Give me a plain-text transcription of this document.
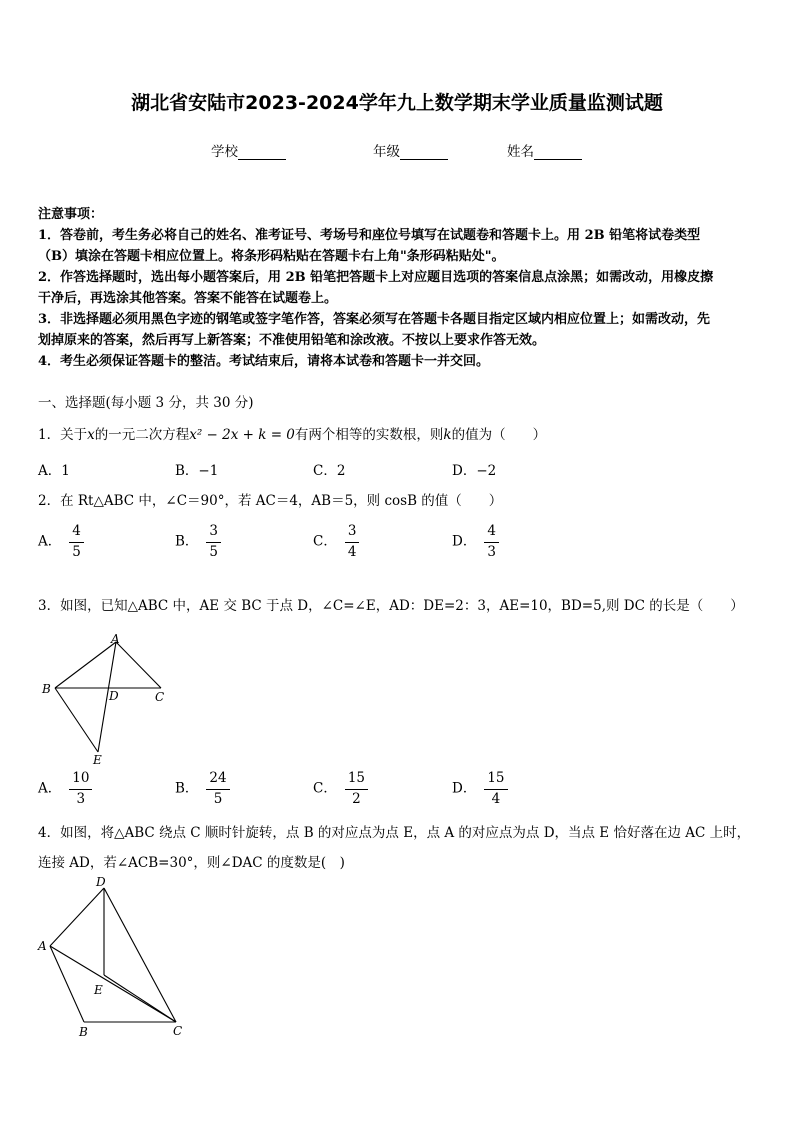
湖北省安陆市2023-2024学年九上数学期末学业质量监测试题
学校	年级	姓名
注意事项：
1．答卷前，考生务必将自己的姓名、准考证号、考场号和座位号填写在试题卷和答题卡上。用 2B 铅笔将试卷类型
（B）填涂在答题卡相应位置上。将条形码粘贴在答题卡右上角"条形码粘贴处"。
2．作答选择题时，选出每小题答案后，用 2B 铅笔把答题卡上对应题目选项的答案信息点涂黑；如需改动，用橡皮擦
干净后，再选涂其他答案。答案不能答在试题卷上。
3．非选择题必须用黑色字迹的钢笔或签字笔作答，答案必须写在答题卡各题目指定区域内相应位置上；如需改动，先
划掉原来的答案，然后再写上新答案；不准使用铅笔和涂改液。不按以上要求作答无效。
4．考生必须保证答题卡的整洁。考试结束后，请将本试卷和答题卡一并交回。
一、选择题(每小题 3 分，共 30 分)
1．关于x的一元二次方程x² − 2x + k = 0有两个相等的实数根，则k的值为（　　）
A．1	B．−1	C．2	D．−2
2．在 Rt△ABC 中，∠C＝90°，若 AC＝4，AB＝5，则 cosB 的值（　　）
A． $\frac{4}{5}$	B． $\frac{3}{5}$	C． $\frac{3}{4}$	D． $\frac{4}{3}$
3．如图，已知△ABC 中，AE 交 BC 于点 D，∠C=∠E，AD：DE=2：3，AE=10，BD=5,则 DC 的长是（　　）
A
B
C
D
E
A． $\frac{10}{3}$	B． $\frac{24}{5}$	C． $\frac{15}{2}$	D． $\frac{15}{4}$
4．如图，将△ABC 绕点 C 顺时针旋转，点 B 的对应点为点 E，点 A 的对应点为点 D，当点 E 恰好落在边 AC 上时，
连接 AD，若∠ACB=30°，则∠DAC 的度数是(　)
D
A
E
B	C
